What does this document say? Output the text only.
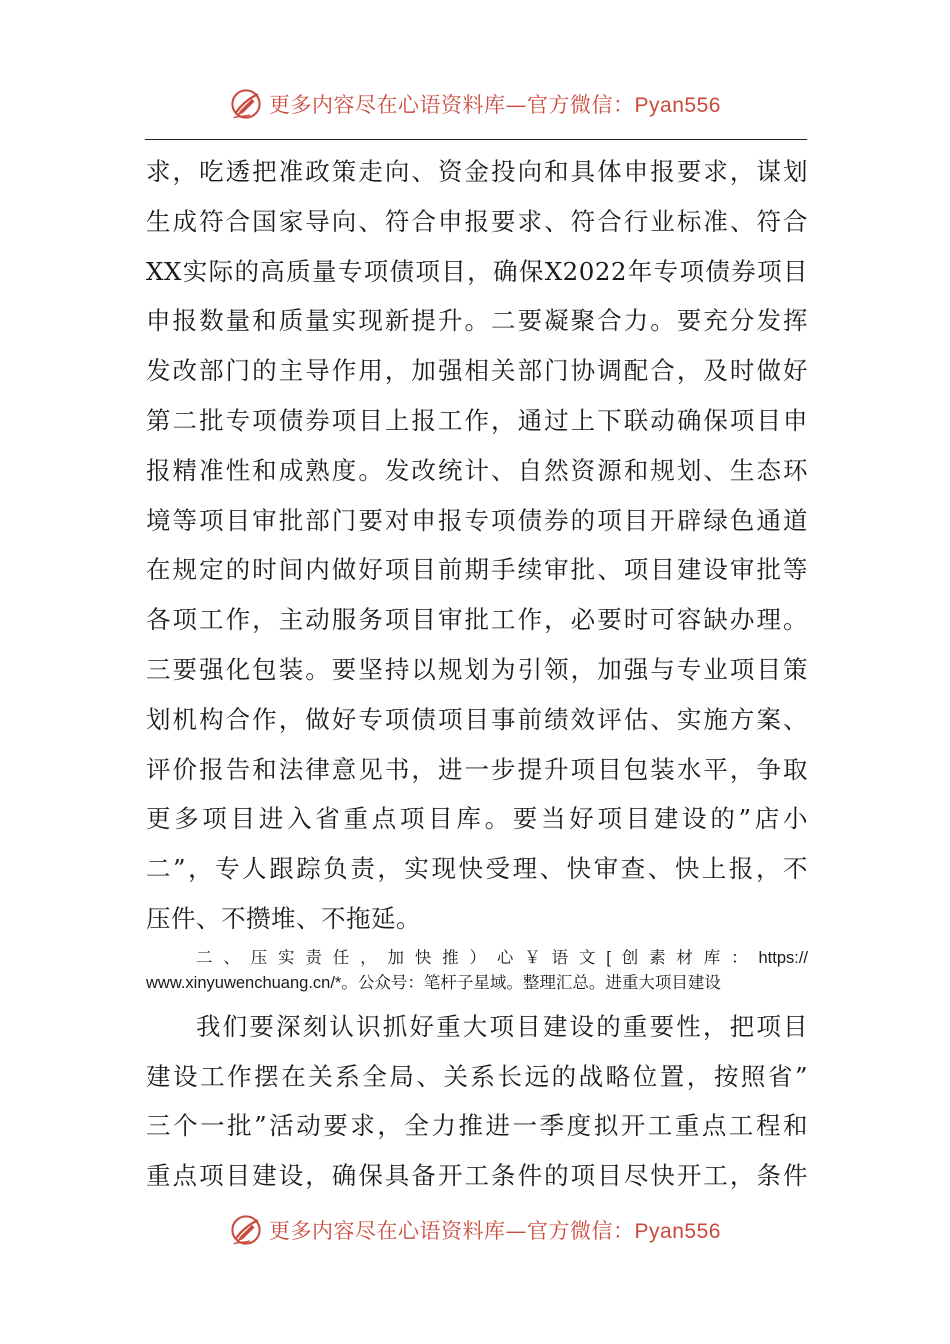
更多内容尽在心语资料库—官方微信：Pyan556
求，吃透把准政策走向、资金投向和具体申报要求，谋划
生成符合国家导向、符合申报要求、符合行业标准、符合
XX实际的高质量专项债项目，确保X2022年专项债券项目
申报数量和质量实现新提升。二要凝聚合力。要充分发挥
发改部门的主导作用，加强相关部门协调配合，及时做好
第二批专项债券项目上报工作，通过上下联动确保项目申
报精准性和成熟度。发改统计、自然资源和规划、生态环
境等项目审批部门要对申报专项债券的项目开辟绿色通道
在规定的时间内做好项目前期手续审批、项目建设审批等
各项工作，主动服务项目审批工作，必要时可容缺办理。
三要强化包装。要坚持以规划为引领，加强与专业项目策
划机构合作，做好专项债项目事前绩效评估、实施方案、
评价报告和法律意见书，进一步提升项目包装水平，争取
更多项目进入省重点项目库。要当好项目建设的”店小
二”，专人跟踪负责，实现快受理、快审查、快上报，不
压件、不攒堆、不拖延。
二、压实责任，加快推）心￥语文[创素材库：https://
www.xinyuwenchuang.cn/*。公众号：笔杆子星域。整理汇总。进重大项目建设
我们要深刻认识抓好重大项目建设的重要性，把项目
建设工作摆在关系全局、关系长远的战略位置，按照省”
三个一批”活动要求，全力推进一季度拟开工重点工程和
重点项目建设，确保具备开工条件的项目尽快开工，条件
更多内容尽在心语资料库—官方微信：Pyan556
